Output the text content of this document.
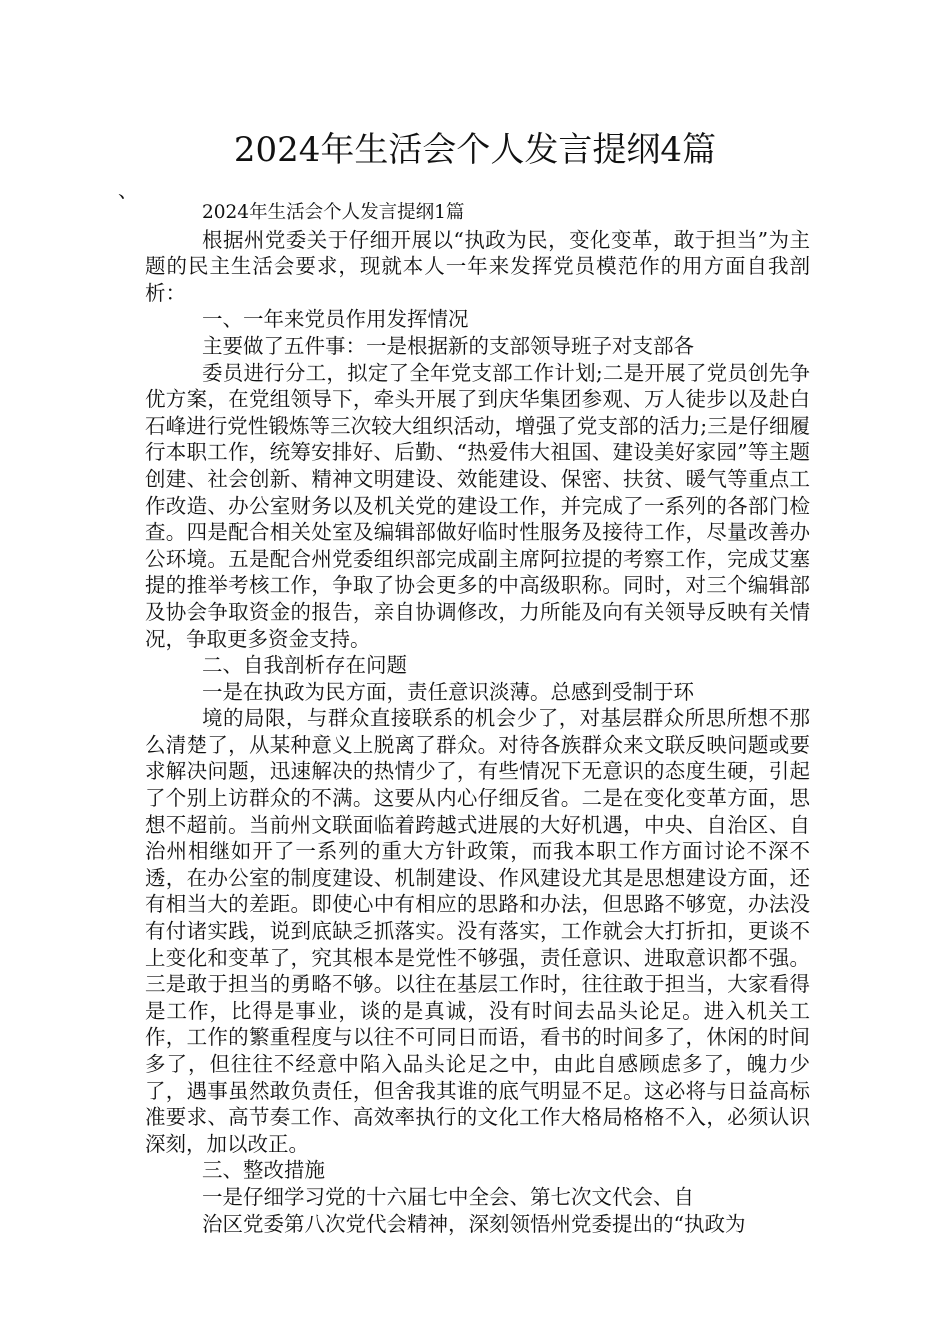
2024年生活会个人发言提纲4篇
、

2024年生活会个人发言提纲1篇

根据州党委关于仔细开展以“执政为民，变化变革，敢于担当”为主题的民主生活会要求，现就本人一年来发挥党员模范作的用方面自我剖析：

一、一年来党员作用发挥情况

主要做了五件事：一是根据新的支部领导班子对支部各

委员进行分工，拟定了全年党支部工作计划;二是开展了党员创先争优方案，在党组领导下，牵头开展了到庆华集团参观、万人徒步以及赴白石峰进行党性锻炼等三次较大组织活动，增强了党支部的活力;三是仔细履行本职工作，统筹安排好、后勤、“热爱伟大祖国、建设美好家园”等主题创建、社会创新、精神文明建设、效能建设、保密、扶贫、暖气等重点工作改造、办公室财务以及机关党的建设工作，并完成了一系列的各部门检查。四是配合相关处室及编辑部做好临时性服务及接待工作，尽量改善办公环境。五是配合州党委组织部完成副主席阿拉提的考察工作，完成艾塞提的推举考核工作，争取了协会更多的中高级职称。同时，对三个编辑部及协会争取资金的报告，亲自协调修改，力所能及向有关领导反映有关情况，争取更多资金支持。

二、自我剖析存在问题

一是在执政为民方面，责任意识淡薄。总感到受制于环

境的局限，与群众直接联系的机会少了，对基层群众所思所想不那么清楚了，从某种意义上脱离了群众。对待各族群众来文联反映问题或要求解决问题，迅速解决的热情少了，有些情况下无意识的态度生硬，引起了个别上访群众的不满。这要从内心仔细反省。二是在变化变革方面，思想不超前。当前州文联面临着跨越式进展的大好机遇，中央、自治区、自治州相继如开了一系列的重大方针政策，而我本职工作方面讨论不深不透，在办公室的制度建设、机制建设、作风建设尤其是思想建设方面，还有相当大的差距。即使心中有相应的思路和办法，但思路不够宽，办法没有付诸实践，说到底缺乏抓落实。没有落实，工作就会大打折扣，更谈不上变化和变革了，究其根本是党性不够强，责任意识、进取意识都不强。三是敢于担当的勇略不够。以往在基层工作时，往往敢于担当，大家看得是工作，比得是事业，谈的是真诚，没有时间去品头论足。进入机关工作，工作的繁重程度与以往不可同日而语，看书的时间多了，休闲的时间多了，但往往不经意中陷入品头论足之中，由此自感顾虑多了，魄力少了，遇事虽然敢负责任，但舍我其谁的底气明显不足。这必将与日益高标准要求、高节奏工作、高效率执行的文化工作大格局格格不入，必须认识深刻，加以改正。

三、整改措施

一是仔细学习党的十六届七中全会、第七次文代会、自

治区党委第八次党代会精神，深刻领悟州党委提出的“执政为
